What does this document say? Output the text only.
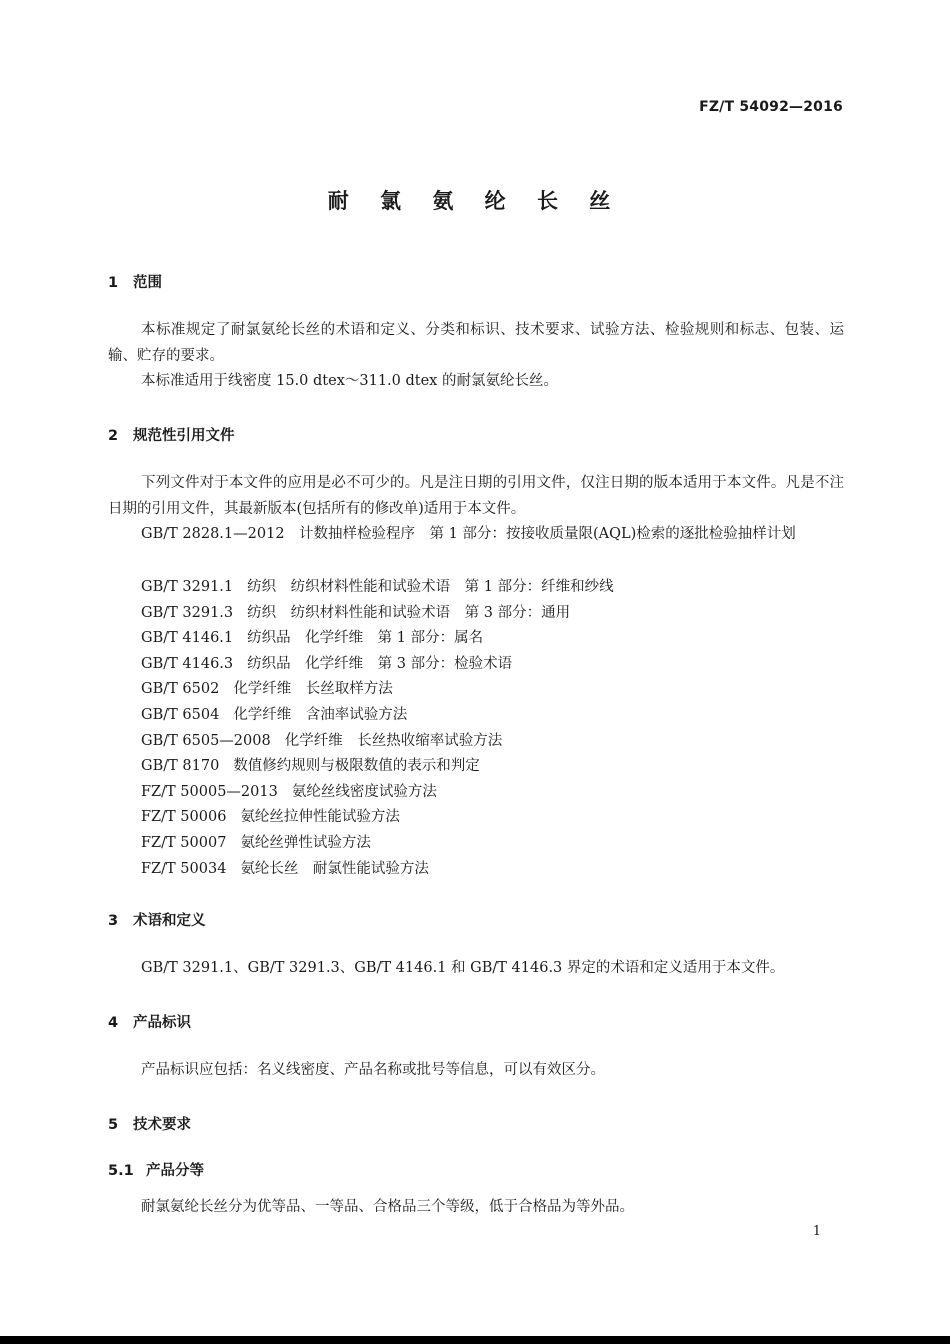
FZ/T 54092—2016
耐 氯 氨 纶 长 丝
1 范围
本标准规定了耐氯氨纶长丝的术语和定义、分类和标识、技术要求、试验方法、检验规则和标志、包装、运输、贮存的要求。
本标准适用于线密度 15.0 dtex～311.0 dtex 的耐氯氨纶长丝。
2 规范性引用文件
下列文件对于本文件的应用是必不可少的。凡是注日期的引用文件，仅注日期的版本适用于本文件。凡是不注日期的引用文件，其最新版本(包括所有的修改单)适用于本文件。
GB/T 2828.1—2012　计数抽样检验程序　第 1 部分：按接收质量限(AQL)检索的逐批检验抽样计划
GB/T 3291.1 纺织　纺织材料性能和试验术语　第 1 部分：纤维和纱线
GB/T 3291.3 纺织　纺织材料性能和试验术语　第 3 部分：通用
GB/T 4146.1 纺织品　化学纤维　第 1 部分：属名
GB/T 4146.3 纺织品　化学纤维　第 3 部分：检验术语
GB/T 6502 化学纤维　长丝取样方法
GB/T 6504 化学纤维　含油率试验方法
GB/T 6505—2008 化学纤维　长丝热收缩率试验方法
GB/T 8170 数值修约规则与极限数值的表示和判定
FZ/T 50005—2013 氨纶丝线密度试验方法
FZ/T 50006 氨纶丝拉伸性能试验方法
FZ/T 50007 氨纶丝弹性试验方法
FZ/T 50034 氨纶长丝　耐氯性能试验方法
3 术语和定义
GB/T 3291.1、GB/T 3291.3、GB/T 4146.1 和 GB/T 4146.3 界定的术语和定义适用于本文件。
4 产品标识
产品标识应包括：名义线密度、产品名称或批号等信息，可以有效区分。
5 技术要求
5.1 产品分等
耐氯氨纶长丝分为优等品、一等品、合格品三个等级，低于合格品为等外品。
1
